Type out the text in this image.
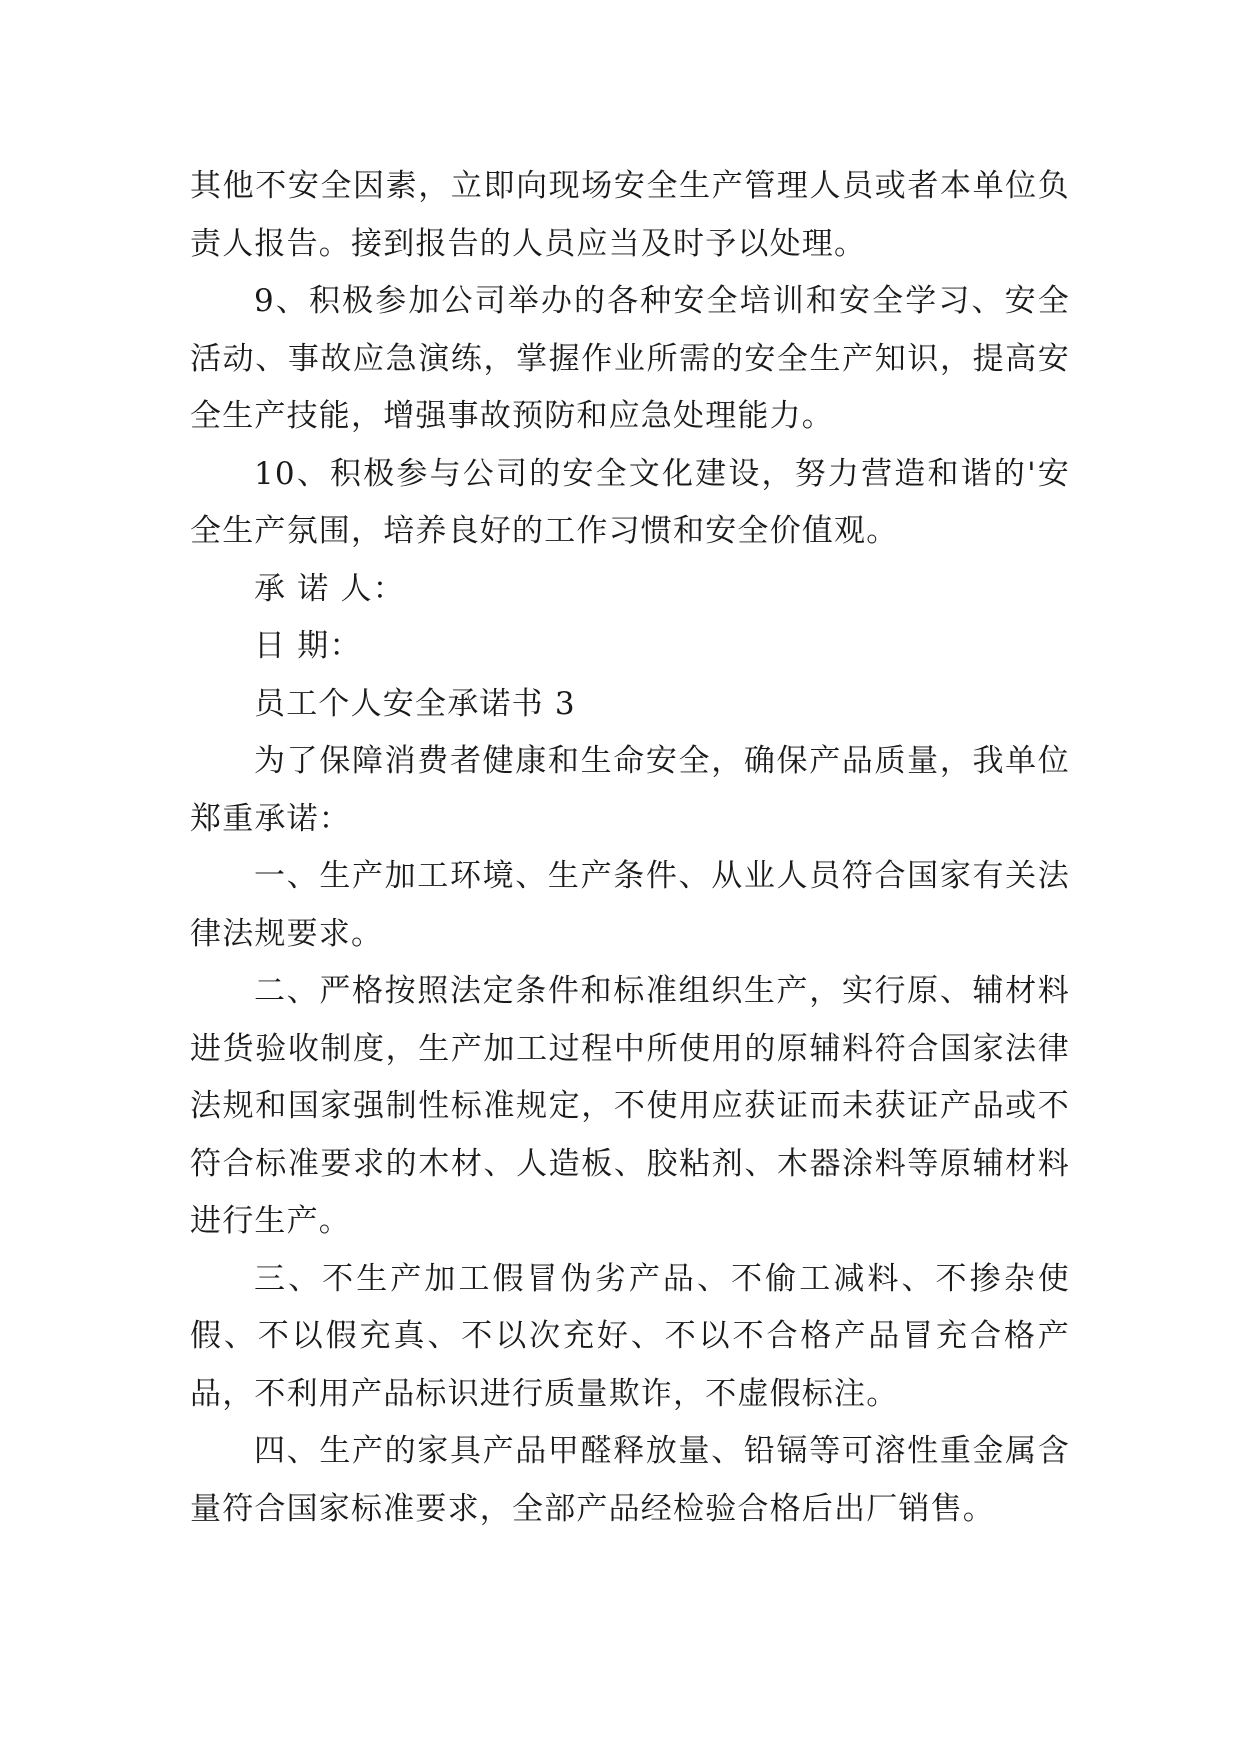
其他不安全因素，立即向现场安全生产管理人员或者本单位负责人报告。接到报告的人员应当及时予以处理。

9、积极参加公司举办的各种安全培训和安全学习、安全活动、事故应急演练，掌握作业所需的安全生产知识，提高安全生产技能，增强事故预防和应急处理能力。

10、积极参与公司的安全文化建设，努力营造和谐的'安全生产氛围，培养良好的工作习惯和安全价值观。

承 诺 人：

日 期：

员工个人安全承诺书 3

为了保障消费者健康和生命安全，确保产品质量，我单位郑重承诺：

一、生产加工环境、生产条件、从业人员符合国家有关法律法规要求。

二、严格按照法定条件和标准组织生产，实行原、辅材料进货验收制度，生产加工过程中所使用的原辅料符合国家法律法规和国家强制性标准规定，不使用应获证而未获证产品或不符合标准要求的木材、人造板、胶粘剂、木器涂料等原辅材料进行生产。

三、不生产加工假冒伪劣产品、不偷工减料、不掺杂使假、不以假充真、不以次充好、不以不合格产品冒充合格产品，不利用产品标识进行质量欺诈，不虚假标注。

四、生产的家具产品甲醛释放量、铅镉等可溶性重金属含量符合国家标准要求，全部产品经检验合格后出厂销售。
